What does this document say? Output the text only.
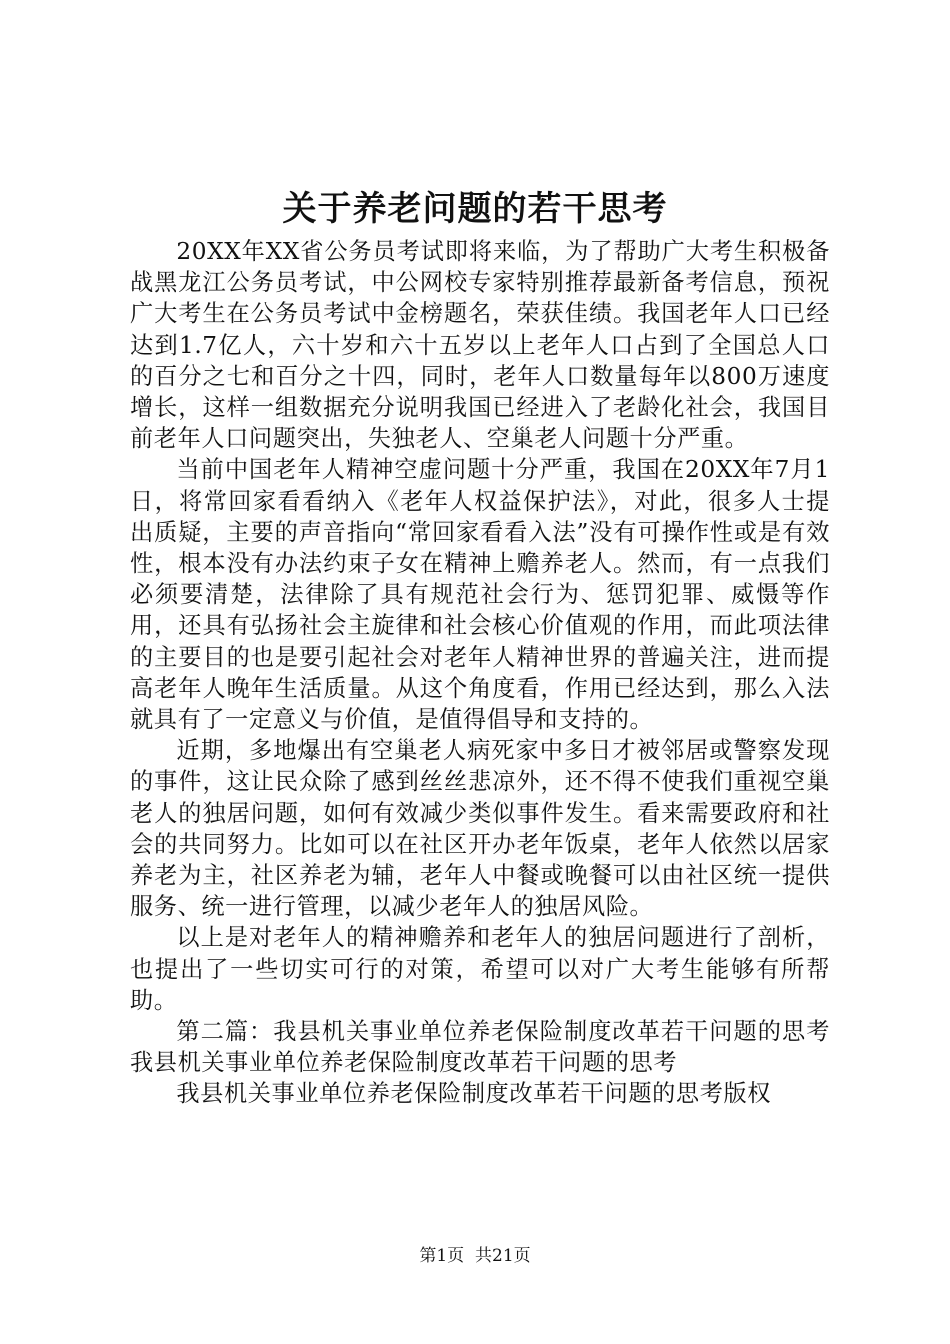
关于养老问题的若干思考

20XX年XX省公务员考试即将来临，为了帮助广大考生积极备战黑龙江公务员考试，中公网校专家特别推荐最新备考信息，预祝广大考生在公务员考试中金榜题名，荣获佳绩。我国老年人口已经达到1.7亿人，六十岁和六十五岁以上老年人口占到了全国总人口的百分之七和百分之十四，同时，老年人口数量每年以800万速度增长，这样一组数据充分说明我国已经进入了老龄化社会，我国目前老年人口问题突出，失独老人、空巢老人问题十分严重。

当前中国老年人精神空虚问题十分严重，我国在20XX年7月1日，将常回家看看纳入《老年人权益保护法》，对此，很多人士提出质疑，主要的声音指向“常回家看看入法”没有可操作性或是有效性，根本没有办法约束子女在精神上赡养老人。然而，有一点我们必须要清楚，法律除了具有规范社会行为、惩罚犯罪、威慑等作用，还具有弘扬社会主旋律和社会核心价值观的作用，而此项法律的主要目的也是要引起社会对老年人精神世界的普遍关注，进而提高老年人晚年生活质量。从这个角度看，作用已经达到，那么入法就具有了一定意义与价值，是值得倡导和支持的。

近期，多地爆出有空巢老人病死家中多日才被邻居或警察发现的事件，这让民众除了感到丝丝悲凉外，还不得不使我们重视空巢老人的独居问题，如何有效减少类似事件发生。看来需要政府和社会的共同努力。比如可以在社区开办老年饭桌，老年人依然以居家养老为主，社区养老为辅，老年人中餐或晚餐可以由社区统一提供服务、统一进行管理，以减少老年人的独居风险。

以上是对老年人的精神赡养和老年人的独居问题进行了剖析，也提出了一些切实可行的对策，希望可以对广大考生能够有所帮助。

第二篇：我县机关事业单位养老保险制度改革若干问题的思考我县机关事业单位养老保险制度改革若干问题的思考

我县机关事业单位养老保险制度改革若干问题的思考版权

第1页 共21页
